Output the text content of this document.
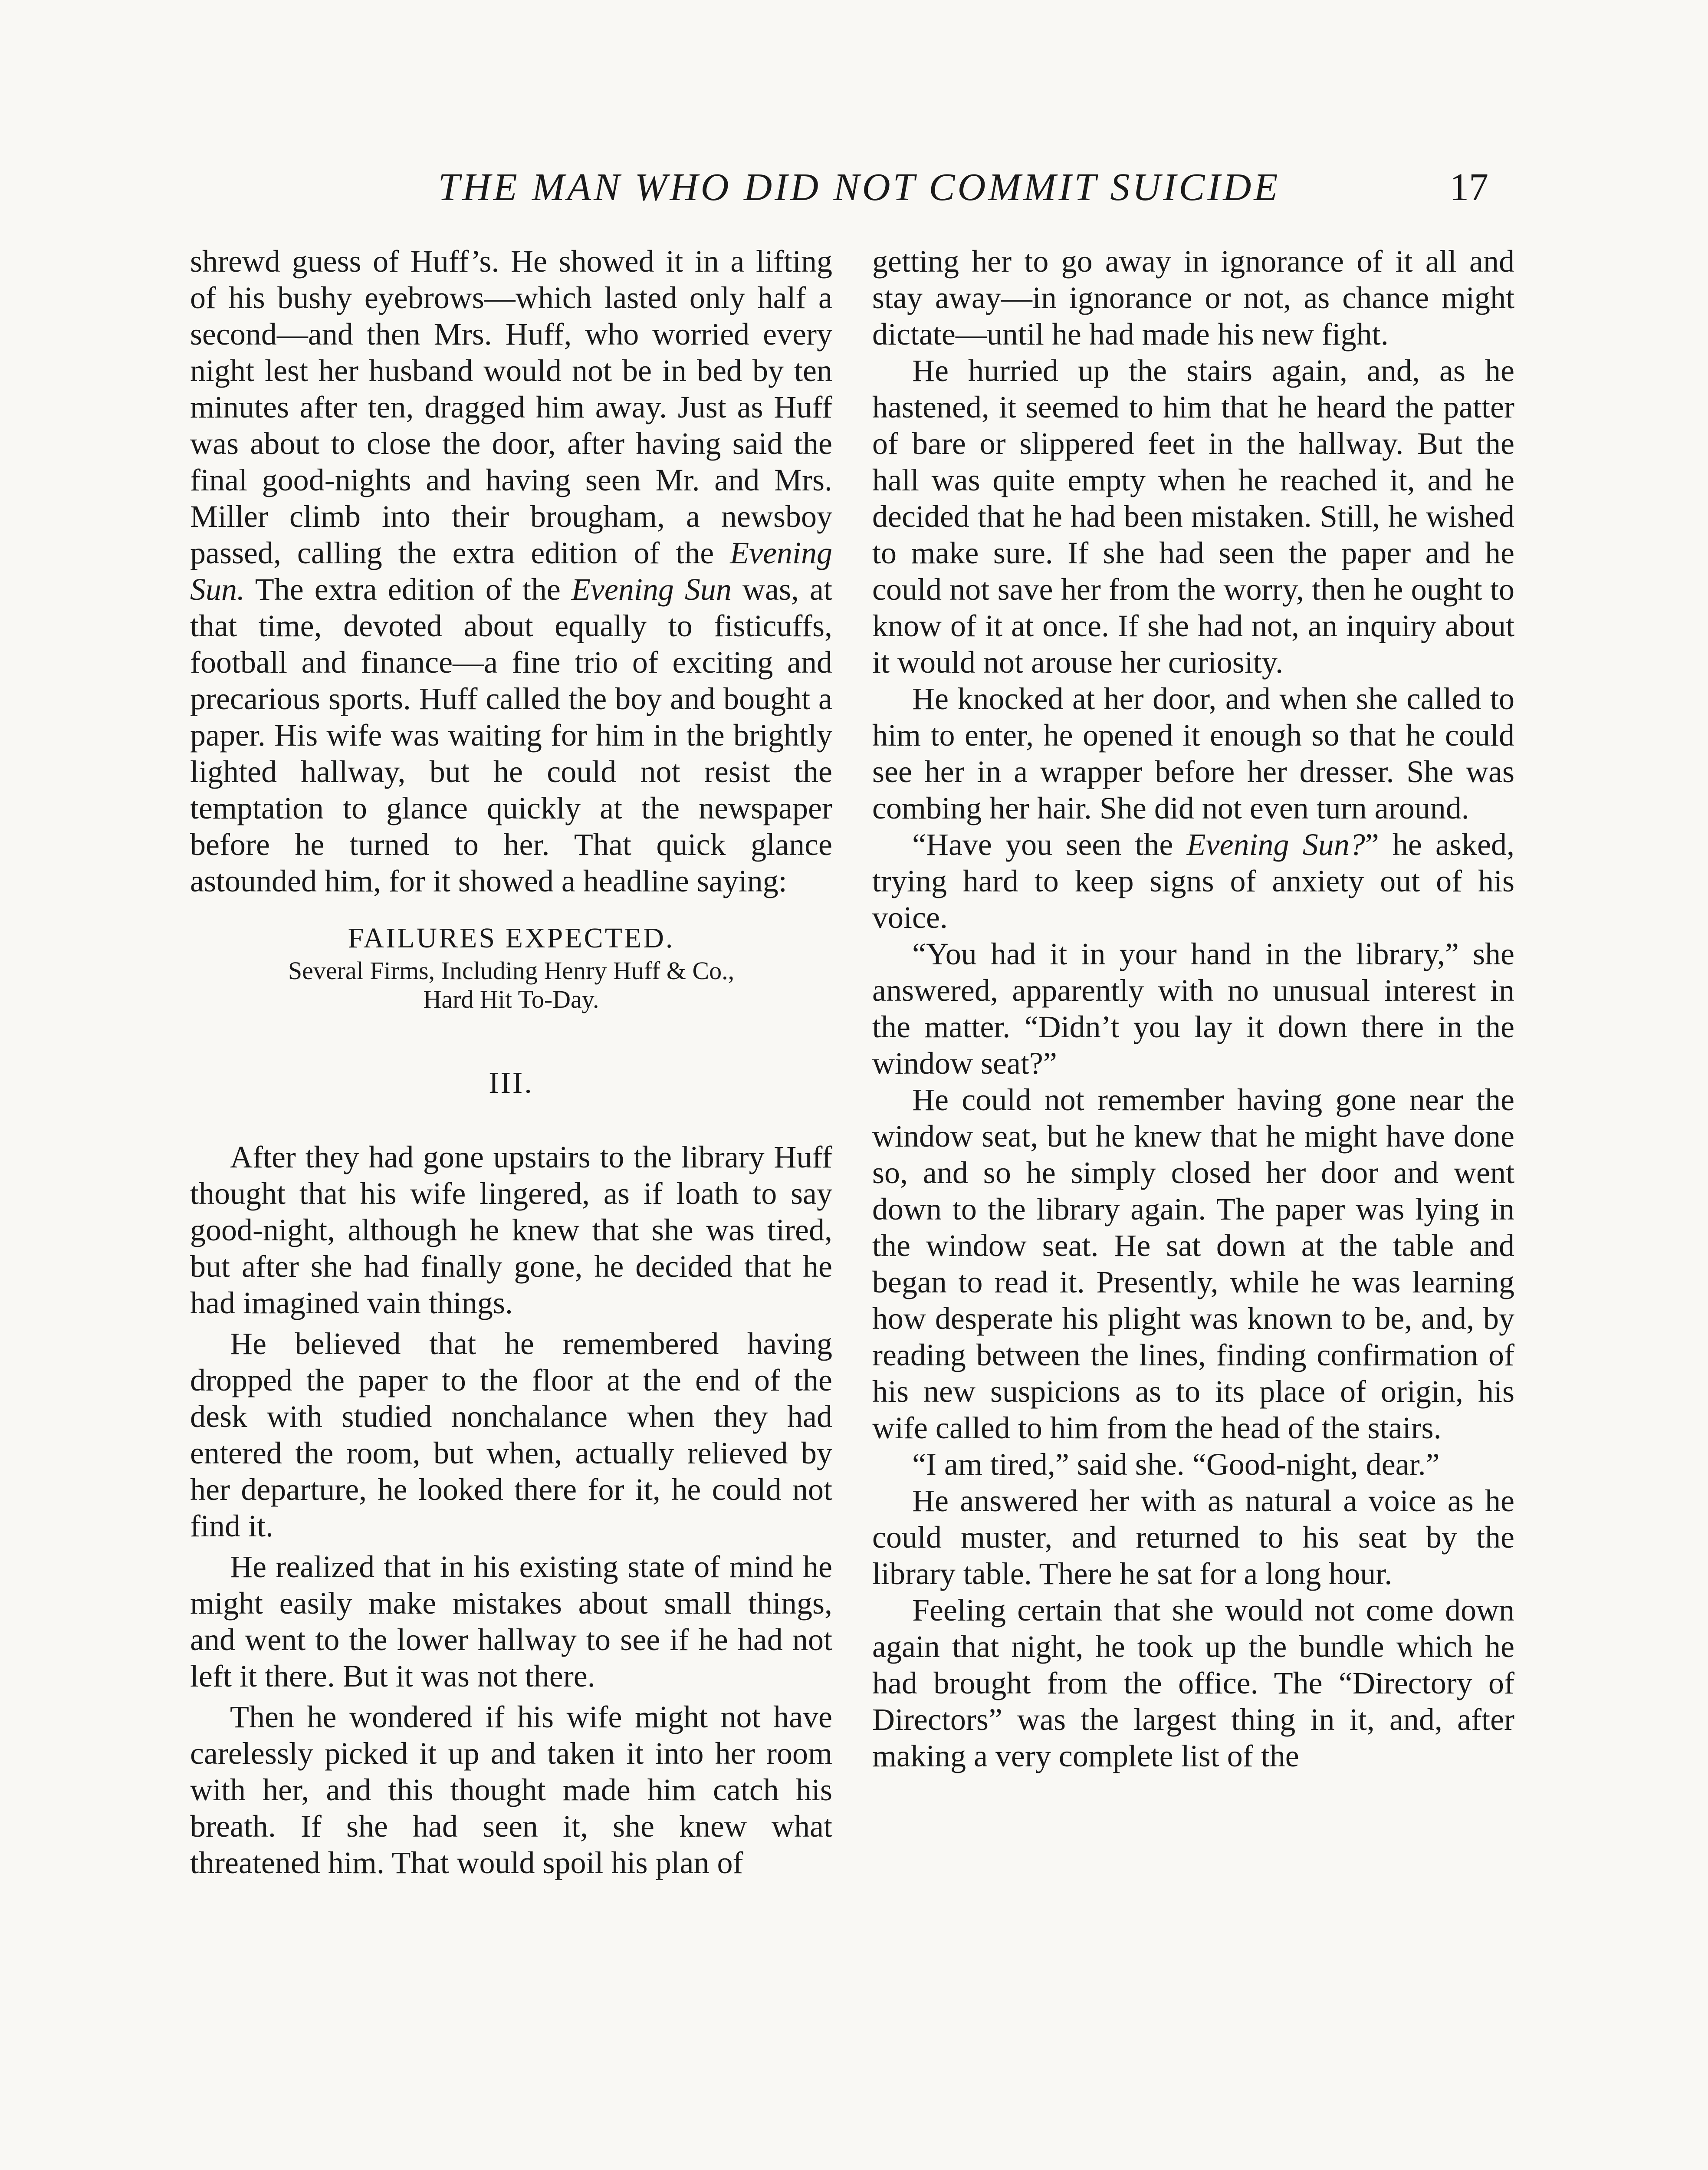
THE MAN WHO DID NOT COMMIT SUICIDE	17

shrewd guess of Huff’s. He showed it in a lifting of his bushy eyebrows—which lasted only half a second—and then Mrs. Huff, who worried every night lest her husband would not be in bed by ten minutes after ten, dragged him away. Just as Huff was about to close the door, after having said the final good-nights and having seen Mr. and Mrs. Miller climb into their brougham, a newsboy passed, calling the extra edition of the Evening Sun. The extra edition of the Evening Sun was, at that time, devoted about equally to fisticuffs, football and finance—a fine trio of exciting and precarious sports. Huff called the boy and bought a paper. His wife was waiting for him in the brightly lighted hallway, but he could not resist the temptation to glance quickly at the newspaper before he turned to her. That quick glance astounded him, for it showed a headline saying:

FAILURES EXPECTED.
Several Firms, Including Henry Huff & Co.,
Hard Hit To-Day.
III.

After they had gone upstairs to the library Huff thought that his wife lingered, as if loath to say good-night, although he knew that she was tired, but after she had finally gone, he decided that he had imagined vain things.

He believed that he remembered having dropped the paper to the floor at the end of the desk with studied nonchalance when they had entered the room, but when, actually relieved by her departure, he looked there for it, he could not find it.

He realized that in his existing state of mind he might easily make mistakes about small things, and went to the lower hallway to see if he had not left it there. But it was not there.

Then he wondered if his wife might not have carelessly picked it up and taken it into her room with her, and this thought made him catch his breath. If she had seen it, she knew what threatened him. That would spoil his plan of

getting her to go away in ignorance of it all and stay away—in ignorance or not, as chance might dictate—until he had made his new fight.

He hurried up the stairs again, and, as he hastened, it seemed to him that he heard the patter of bare or slippered feet in the hallway. But the hall was quite empty when he reached it, and he decided that he had been mistaken. Still, he wished to make sure. If she had seen the paper and he could not save her from the worry, then he ought to know of it at once. If she had not, an inquiry about it would not arouse her curiosity.

He knocked at her door, and when she called to him to enter, he opened it enough so that he could see her in a wrapper before her dresser. She was combing her hair. She did not even turn around.

“Have you seen the Evening Sun?” he asked, trying hard to keep signs of anxiety out of his voice.

“You had it in your hand in the library,” she answered, apparently with no unusual interest in the matter. “Didn’t you lay it down there in the window seat?”

He could not remember having gone near the window seat, but he knew that he might have done so, and so he simply closed her door and went down to the library again. The paper was lying in the window seat. He sat down at the table and began to read it. Presently, while he was learning how desperate his plight was known to be, and, by reading between the lines, finding confirmation of his new suspicions as to its place of origin, his wife called to him from the head of the stairs.

“I am tired,” said she. “Good-night, dear.”

He answered her with as natural a voice as he could muster, and returned to his seat by the library table. There he sat for a long hour.

Feeling certain that she would not come down again that night, he took up the bundle which he had brought from the office. The “Directory of Directors” was the largest thing in it, and, after making a very complete list of the
